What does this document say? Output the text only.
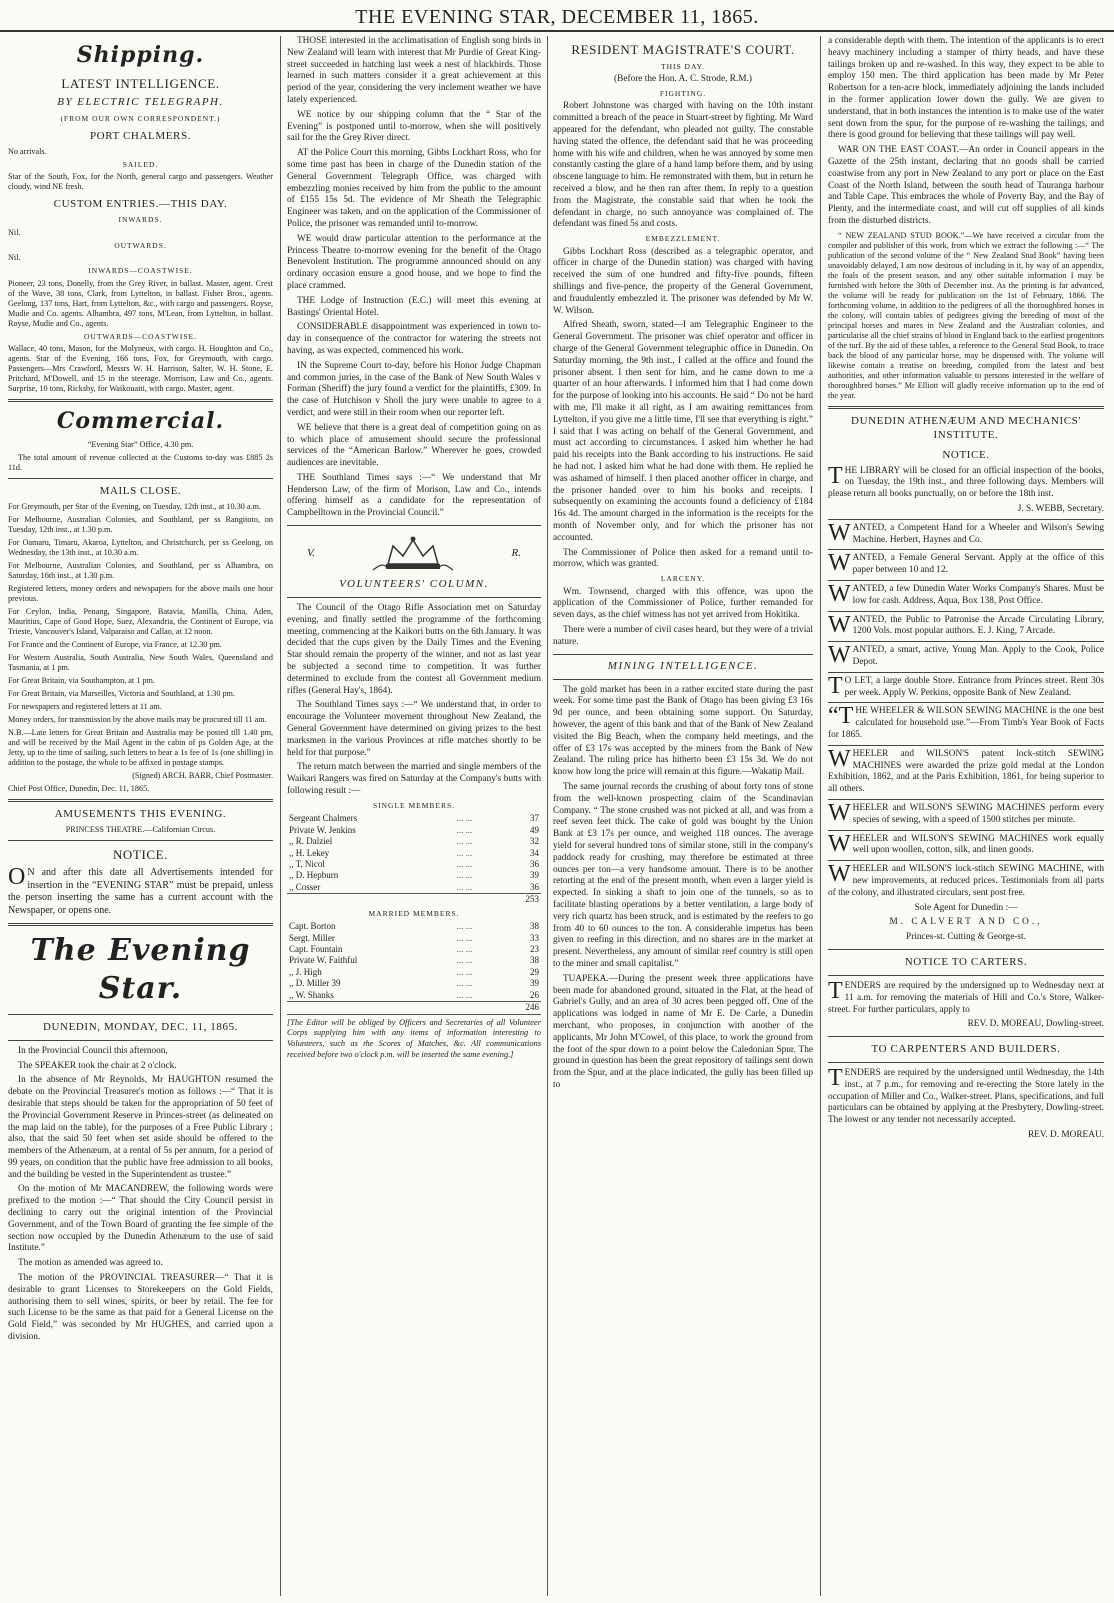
THE EVENING STAR, DECEMBER 11, 1865.
Shipping.
LATEST INTELLIGENCE.
BY ELECTRIC TELEGRAPH.
(FROM OUR OWN CORRESPONDENT.)
PORT CHALMERS.

No arrivals.

SAILED.

Star of the South, Fox, for the North, general cargo and passengers. Weather cloudy, wind NE fresh.

CUSTOM ENTRIES.—THIS DAY.
INWARDS.

Nil.

OUTWARDS.

Nil.

INWARDS—COASTWISE.

Pioneer, 23 tons, Donelly, from the Grey River, in ballast. Master, agent. Crest of the Wave, 38 tons, Clark, from Lyttelton, in ballast. Fisher Bros., agents. Geelong, 137 tons, Hart, from Lyttelton, &c., with cargo and passengers. Royse, Mudie and Co. agents. Alhambra, 497 tons, M'Lean, from Lyttelton, in ballast. Royse, Mudie and Co., agents.

OUTWARDS—COASTWISE.

Wallace, 40 tons, Mason, for the Molyneux, with cargo. H. Houghton and Co., agents. Star of the Evening, 166 tons, Fox, for Greymouth, with cargo. Passengers—Mrs Crawford, Messrs W. H. Harrison, Salter, W. H. Stone, E. Pritchard, M'Dowell, and 15 in the steerage. Morrison, Law and Co., agents. Surprise, 10 tons, Ricksby, for Waikouaiti, with cargo. Master, agent.

Commercial.

“Evening Star” Office, 4.30 pm.

The total amount of revenue collected at the Customs to-day was £885 2s 11d.

MAILS CLOSE.

For Greymouth, per Star of the Evening, on Tuesday, 12th inst., at 10.30 a.m.

For Melbourne, Australian Colonies, and Southland, per ss Rangitoto, on Tuesday, 12th inst., at 1.30 p.m.

For Oamaru, Timaru, Akaroa, Lyttelton, and Christchurch, per ss Geelong, on Wednesday, the 13th inst., at 10.30 a.m.

For Melbourne, Australian Colonies, and Southland, per ss Alhambra, on Saturday, 16th inst., at 1.30 p.m.

Registered letters, money orders and newspapers for the above mails one hour previous.

For Ceylon, India, Penang, Singapore, Batavia, Manilla, China, Aden, Mauritius, Cape of Good Hope, Suez, Alexandria, the Continent of Europe, via Trieste, Vancouver's Island, Valparaiso and Callao, at 12 noon.

For France and the Continent of Europe, via France, at 12.30 pm.

For Western Australia, South Australia, New South Wales, Queensland and Tasmania, at 1 pm.

For Great Britain, via Southampton, at 1 pm.

For Great Britain, via Marseilles, Victoria and Southland, at 1.30 pm.

For newspapers and registered letters at 11 am.

Money orders, for transmission by the above mails may be procured till 11 am.

N.B.—Late letters for Great Britain and Australia may be posted till 1.40 pm, and will be received by the Mail Agent in the cabin of ps Golden Age, at the Jetty, up to the time of sailing, such letters to bear a 1s fee of 1s (one shilling) in addition to the postage, the whole to be affixed in postage stamps.

(Signed) ARCH. BARR, Chief Postmaster.

Chief Post Office, Dunedin, Dec. 11, 1865.

AMUSEMENTS THIS EVENING.

PRINCESS THEATRE.—Californian Circus.

NOTICE.

ON and after this date all Advertisements intended for insertion in the “EVENING STAR” must be prepaid, unless the person inserting the same has a current account with the Newspaper, or opens one.

The Evening Star.
DUNEDIN, MONDAY, DEC. 11, 1865.

In the Provincial Council this afternoon,

The SPEAKER took the chair at 2 o'clock.

In the absence of Mr Reynolds, Mr HAUGHTON resumed the debate on the Provincial Treasurer's motion as follows :—“ That it is desirable that steps should be taken for the appropriation of 50 feet of the Provincial Government Reserve in Princes-street (as delineated on the map laid on the table), for the purposes of a Free Public Library ; also, that the said 50 feet when set aside should be offered to the members of the Athenæum, at a rental of 5s per annum, for a period of 99 years, on condition that the public have free admission to all books, and the building be vested in the Superintendent as trustee.”

On the motion of Mr MACANDREW, the following words were prefixed to the motion :—“ That should the City Council persist in declining to carry out the original intention of the Provincial Government, and of the Town Board of granting the fee simple of the section now occupied by the Dunedin Athenæum to the use of said Institute.”

The motion as amended was agreed to.

The motion of the PROVINCIAL TREASURER—“ That it is desirable to grant Licenses to Storekeepers on the Gold Fields, authorising them to sell wines, spirits, or beer by retail. The fee for such License to be the same as that paid for a General License on the Gold Field,” was seconded by Mr HUGHES, and carried upon a division.

THOSE interested in the acclimatisation of English song birds in New Zealand will learn with interest that Mr Purdie of Great King-street succeeded in hatching last week a nest of blackbirds. Those learned in such matters consider it a great achievement at this period of the year, considering the very inclement weather we have lately experienced.

WE notice by our shipping column that the “ Star of the Evening” is postponed until to-morrow, when she will positively sail for the the Grey River direct.

AT the Police Court this morning, Gibbs Lockhart Ross, who for some time past has been in charge of the Dunedin station of the General Government Telegraph Office, was charged with embezzling monies received by him from the public to the amount of £155 15s 5d. The evidence of Mr Sheath the Telegraphic Engineer was taken, and on the application of the Commissioner of Police, the prisoner was remanded until to-morrow.

WE would draw particular attention to the performance at the Princess Theatre to-morrow evening for the benefit of the Otago Benevolent Institution. The programme announced should on any ordinary occasion ensure a good house, and we hope to find the place crammed.

THE Lodge of Instruction (E.C.) will meet this evening at Bastings' Oriental Hotel.

CONSIDERABLE disappointment was experienced in town to-day in consequence of the contractor for watering the streets not having, as was expected, commenced his work.

IN the Supreme Court to-day, before his Honor Judge Chapman and common juries, in the case of the Bank of New South Wales v Forman (Sheriff) the jury found a verdict for the plaintiffs, £309. In the case of Hutchison v Sholl the jury were unable to agree to a verdict, and were still in their room when our reporter left.

WE believe that there is a great deal of competition going on as to which place of amusement should secure the professional services of the “American Barlow.” Wherever he goes, crowded audiences are inevitable.

THE Southland Times says :—“ We understand that Mr Henderson Law, of the firm of Morison, Law and Co., intends offering himself as a candidate for the representation of Campbelltown in the Provincial Council.”

V.	R.
VOLUNTEERS' COLUMN.

The Council of the Otago Rifle Association met on Saturday evening, and finally settled the programme of the forthcoming meeting, commencing at the Kaikori butts on the 6th January. It was decided that the cups given by the Daily Times and the Evening Star should remain the property of the winner, and not as last year be subjected a second time to competition. It was further determined to exclude from the contest all Government medium rifles (General Hay's, 1864).

The Southland Times says :—“ We understand that, in order to encourage the Volunteer movement throughout New Zealand, the General Government have determined on giving prizes to the best marksmen in the various Provinces at rifle matches shortly to be held for that purpose.”

The return match between the married and single members of the Waikari Rangers was fired on Saturday at the Company's butts with following result :—

SINGLE MEMBERS.
Sergeant Chalmers	... ...	37
Private W. Jenkins	... ...	49
,, R. Dalziel	... ...	32
,, H. Lekey	... ...	34
,, T. Nicol	... ...	36
,, D. Hepburn	... ...	39
,, Cosser	... ...	36
		253
MARRIED MEMBERS.
Capt. Borton	... ...	38
Sergt. Miller	... ...	33
Capt. Fountain	... ...	23
Private W. Faithful	... ...	38
,, J. High	... ...	29
,, D. Miller 39	... ...	39
,, W. Shanks	... ...	26
		246

[The Editor will be obliged by Officers and Secretaries of all Volunteer Corps supplying him with any items of information interesting to Volunteers, such as the Scores of Matches, &c. All communications received before two o'clock p.m. will be inserted the same evening.]

RESIDENT MAGISTRATE'S COURT.
THIS DAY.

(Before the Hon. A. C. Strode, R.M.)

FIGHTING.

Robert Johnstone was charged with having on the 10th instant committed a breach of the peace in Stuart-street by fighting. Mr Ward appeared for the defendant, who pleaded not guilty. The constable having stated the offence, the defendant said that he was proceeding home with his wife and children, when he was annoyed by some men constantly casting the glare of a hand lamp before them, and by using obscene language to him. He remonstrated with them, but in return he received a blow, and he then ran after them. In reply to a question from the Magistrate, the constable said that when he took the defendant in charge, no such annoyance was complained of. The defendant was fined 5s and costs.

EMBEZZLEMENT.

Gibbs Lockhart Ross (described as a telegraphic operator, and officer in charge of the Dunedin station) was charged with having received the sum of one hundred and fifty-five pounds, fifteen shillings and five-pence, the property of the General Government, and fraudulently embezzled it. The prisoner was defended by Mr W. W. Wilson.

Alfred Sheath, sworn, stated—I am Telegraphic Engineer to the General Government. The prisoner was chief operator and officer in charge of the General Government telegraphic office in Dunedin. On Saturday morning, the 9th inst., I called at the office and found the prisoner absent. I then sent for him, and he came down to me a quarter of an hour afterwards. I informed him that I had come down for the purpose of looking into his accounts. He said “ Do not be hard with me, I'll make it all right, as I am awaiting remittances from Lyttelton, if you give me a little time, I'll see that everything is right.” I said that I was acting on behalf of the General Government, and must act according to circumstances. I asked him whether he had paid his receipts into the Bank according to his instructions. He said he had not. I asked him what he had done with them. He replied he was ashamed of himself. I then placed another officer in charge, and the prisoner handed over to him his books and receipts. I subsequently on examining the accounts found a deficiency of £184 16s 4d. The amount charged in the information is the receipts for the month of November only, and for which the prisoner has not accounted.

The Commissioner of Police then asked for a remand until to-morrow, which was granted.

LARCENY.

Wm. Townsend, charged with this offence, was upon the application of the Commissioner of Police, further remanded for seven days, as the chief witness has not yet arrived from Hokitika.

There were a number of civil cases heard, but they were of a trivial nature.

MINING INTELLIGENCE.

The gold market has been in a rather excited state during the past week. For some time past the Bank of Otago has been giving £3 16s 9d per ounce, and been obtaining some support. On Saturday, however, the agent of this bank and that of the Bank of New Zealand visited the Big Beach, when the company held meetings, and the offer of £3 17s was accepted by the miners from the Bank of New Zealand. The ruling price has hitherto been £3 15s 3d. We do not know how long the price will remain at this figure.—Wakatip Mail.

The same journal records the crushing of about forty tons of stone from the well-known prospecting claim of the Scandinavian Company. “ The stone crushed was not picked at all, and was from a reef seven feet thick. The cake of gold was bought by the Union Bank at £3 17s per ounce, and weighed 118 ounces. The average yield for several hundred tons of similar stone, still in the company's paddock ready for crushing, may therefore be estimated at three ounces per ton—a very handsome amount. There is to be another retorting at the end of the present month, when even a larger yield is expected. In sinking a shaft to join one of the tunnels, so as to facilitate blasting operations by a better ventilation, a large body of very rich quartz has been struck, and is estimated by the reefers to go from 40 to 60 ounces to the ton. A considerable impetus has been given to reefing in this direction, and no shares are in the market at present. Nevertheless, any amount of similar reef country is still open to the miner and small capitalist.”

TUAPEKA.—During the present week three applications have been made for abandoned ground, situated in the Flat, at the head of Gabriel's Gully, and an area of 30 acres been pegged off. One of the applications was lodged in name of Mr E. De Carle, a Dunedin merchant, who proposes, in conjunction with another of the applicants, Mr John M'Cowel, of this place, to work the ground from the foot of the spur down to a point below the Caledonian Spur. The ground in question has been the great repository of tailings sent down from the Spur, and at the place indicated, the gully has been filled up to

a considerable depth with them. The intention of the applicants is to erect heavy machinery including a stamper of thirty heads, and have these tailings broken up and re-washed. In this way, they expect to be able to employ 150 men. The third application has been made by Mr Peter Robertson for a ten-acre block, immediately adjoining the lands included in the former application lower down the gully. We are given to understand, that in both instances the intention is to make use of the water sent down from the spur, for the purpose of re-washing the tailings, and there is good ground for believing that these tailings will pay well.

WAR ON THE EAST COAST.—An order in Council appears in the Gazette of the 25th instant, declaring that no goods shall be carried coastwise from any port in New Zealand to any port or place on the East Coast of the North Island, between the south head of Tauranga harbour and Table Cape. This embraces the whole of Poverty Bay, and the Bay of Plenty, and the intermediate coast, and will cut off supplies of all kinds from the disturbed districts.

“ NEW ZEALAND STUD BOOK.”—We have received a circular from the compiler and publisher of this work, from which we extract the following :—“ The publication of the second volume of the “ New Zealand Stud Book” having been unavoidably delayed, I am now desirous of including in it, by way of an appendix, the foals of the present season, and any other suitable information I may be furnished with before the 30th of December inst. As the printing is far advanced, the volume will be ready for publication on the 1st of February, 1866. The forthcoming volume, in addition to the pedigrees of all the thoroughbred horses in the colony, will contain tables of pedigrees giving the breeding of most of the principal horses and mares in New Zealand and the Australian colonies, and particularise all the chief strains of blood in England back to the earliest progenitors of the turf. By the aid of these tables, a reference to the General Stud Book, to trace back the blood of any particular horse, may be dispensed with. The volume will likewise contain a treatise on breeding, compiled from the latest and best authorities, and other information valuable to persons interested in the welfare of thoroughbred horses.” Mr Elliott will gladly receive information up to the end of the year.

DUNEDIN ATHENÆUM AND MECHANICS' INSTITUTE.
NOTICE.

THE LIBRARY will be closed for an official inspection of the books, on Tuesday, the 19th inst., and three following days. Members will please return all books punctually, on or before the 18th inst.

J. S. WEBB, Secretary.

WANTED, a Competent Hand for a Wheeler and Wilson's Sewing Machine. Herbert, Haynes and Co.
WANTED, a Female General Servant. Apply at the office of this paper between 10 and 12.
WANTED, a few Dunedin Water Works Company's Shares. Must be low for cash. Address, Aqua, Box 138, Post Office.
WANTED, the Public to Patronise the Arcade Circulating Library, 1200 Vols. most popular authors. E. J. King, 7 Arcade.
WANTED, a smart, active, Young Man. Apply to the Cook, Police Depot.
TO LET, a large double Store. Entrance from Princes street. Rent 30s per week. Apply W. Perkins, opposite Bank of New Zealand.
“THE WHEELER & WILSON SEWING MACHINE is the one best calculated for household use.”—From Timb's Year Book of Facts for 1865.
WHEELER and WILSON'S patent lock-stitch SEWING MACHINES were awarded the prize gold medal at the London Exhibition, 1862, and at the Paris Exhibition, 1861, for being superior to all others.
WHEELER and WILSON'S SEWING MACHINES perform every species of sewing, with a speed of 1500 stitches per minute.
WHEELER and WILSON'S SEWING MACHINES work equally well upon woollen, cotton, silk, and linen goods.
WHEELER and WILSON'S lock-stitch SEWING MACHINE, with new improvements, at reduced prices. Testimonials from all parts of the colony, and illustrated circulars, sent post free.

Sole Agent for Dunedin :—

M. CALVERT AND CO.,

Princes-st. Cutting & George-st.

NOTICE TO CARTERS.

TENDERS are required by the undersigned up to Wednesday next at 11 a.m. for removing the materials of Hill and Co.'s Store, Walker-street. For further particulars, apply to

REV. D. MOREAU, Dowling-street.

TO CARPENTERS AND BUILDERS.

TENDERS are required by the undersigned until Wednesday, the 14th inst., at 7 p.m., for removing and re-erecting the Store lately in the occupation of Miller and Co., Walker-street. Plans, specifications, and full particulars can be obtained by applying at the Presbytery, Dowling-street. The lowest or any tender not necessarily accepted.

REV. D. MOREAU.
